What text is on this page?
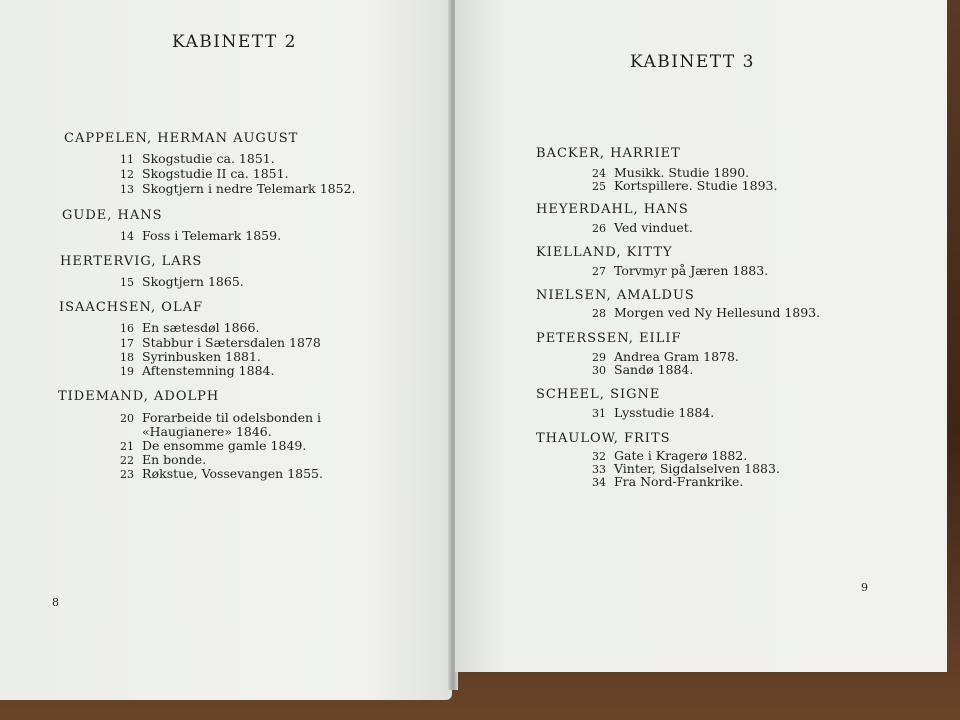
KABINETT 2
CAPPELEN, HERMAN AUGUST
11 Skogstudie ca. 1851.
12 Skogstudie II ca. 1851.
13 Skogtjern i nedre Telemark 1852.
GUDE, HANS
14 Foss i Telemark 1859.
HERTERVIG, LARS
15 Skogtjern 1865.
ISAACHSEN, OLAF
16 En sætesdøl 1866.
17 Stabbur i Sætersdalen 1878
18 Syrinbusken 1881.
19 Aftenstemning 1884.
TIDEMAND, ADOLPH
20 Forarbeide til odelsbonden i
«Haugianere» 1846.
21 De ensomme gamle 1849.
22 En bonde.
23 Røkstue, Vossevangen 1855.
8
KABINETT 3
BACKER, HARRIET
24 Musikk. Studie 1890.
25 Kortspillere. Studie 1893.
HEYERDAHL, HANS
26 Ved vinduet.
KIELLAND, KITTY
27 Torvmyr på Jæren 1883.
NIELSEN, AMALDUS
28 Morgen ved Ny Hellesund 1893.
PETERSSEN, EILIF
29 Andrea Gram 1878.
30 Sandø 1884.
SCHEEL, SIGNE
31 Lysstudie 1884.
THAULOW, FRITS
32 Gate i Kragerø 1882.
33 Vinter, Sigdalselven 1883.
34 Fra Nord-Frankrike.
9
